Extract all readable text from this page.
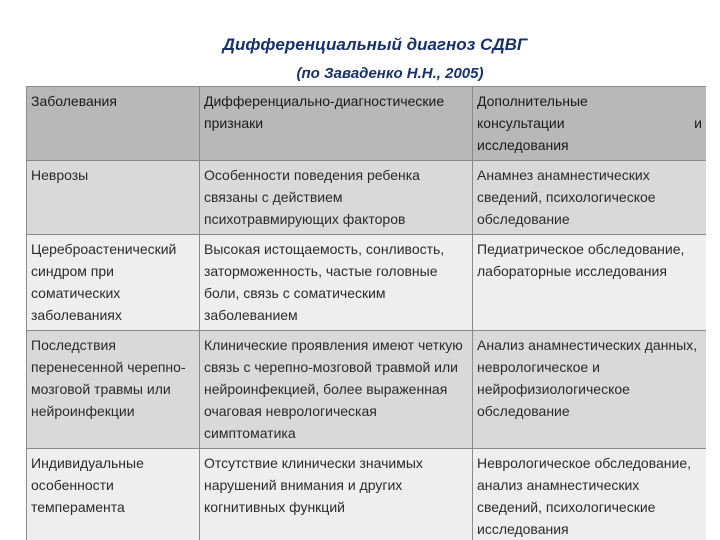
Дифференциальный диагноз СДВГ
(по Заваденко Н.Н., 2005)
Заболевания	Дифференциально-диагностические признаки	Дополнительные
консультации и
исследования

Неврозы	Особенности поведения ребенка связаны с действием психотравмирующих факторов	Анамнез анамнестических сведений, психологическое обследование
Цереброастенический синдром при соматических заболеваниях	Высокая истощаемость, сонливость, заторможенность, частые головные боли, связь с соматическим заболеванием	Педиатрическое обследование, лабораторные исследования
Последствия перенесенной черепно- мозговой травмы или нейроинфекции	Клинические проявления имеют четкую связь с черепно-мозговой травмой или нейроинфекцией, более выраженная очаговая неврологическая симптоматика	Анализ анамнестических данных, неврологическое и нейрофизиологическое обследование
Индивидуальные особенности темперамента	Отсутствие клинически значимых нарушений внимания и других когнитивных функций	Неврологическое обследование, анализ анамнестических сведений, психологические исследования
